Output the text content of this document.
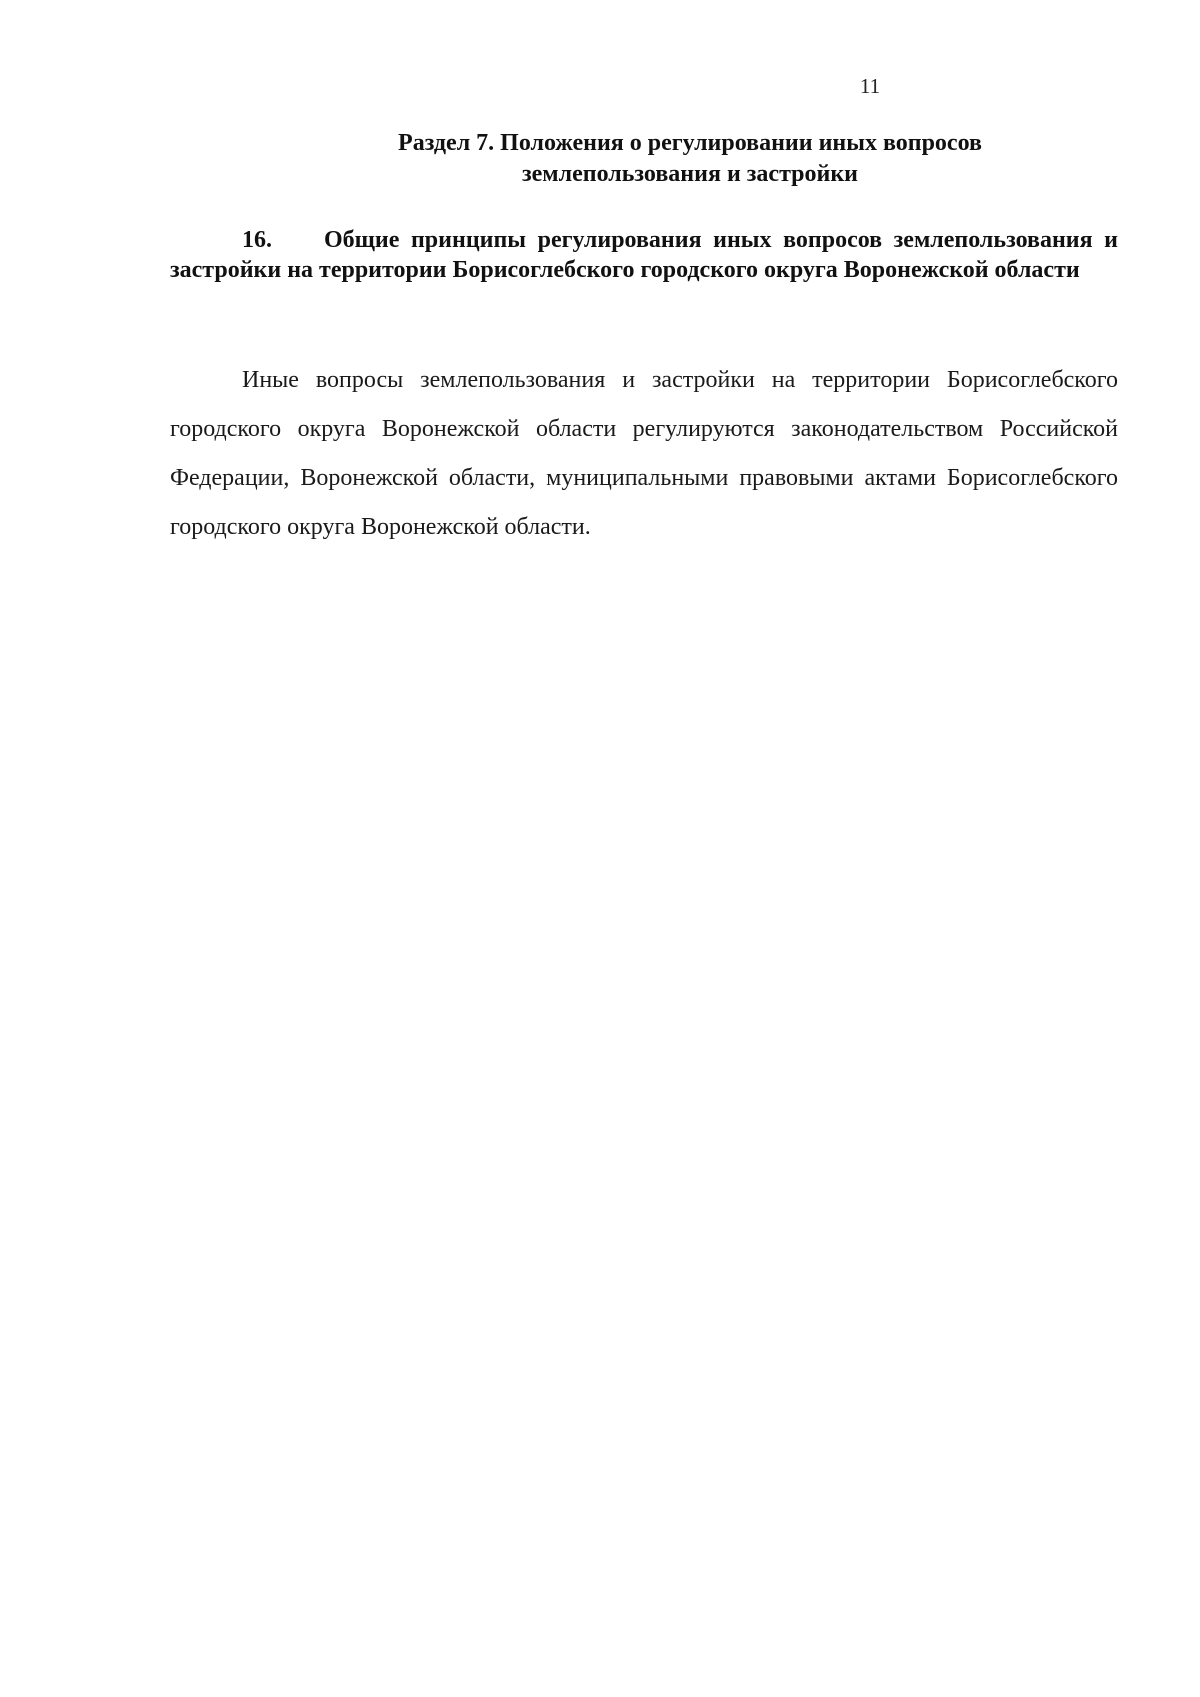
11
Раздел 7. Положения о регулировании иных вопросов
землепользования и застройки
16. Общие принципы регулирования иных вопросов землепользования и застройки на территории Борисоглебского городского округа Воронежской области
Иные вопросы землепользования и застройки на территории Борисоглебского городского округа Воронежской области регулируются законодательством Российской Федерации, Воронежской области, муниципальными правовыми актами Борисоглебского городского округа Воронежской области.
